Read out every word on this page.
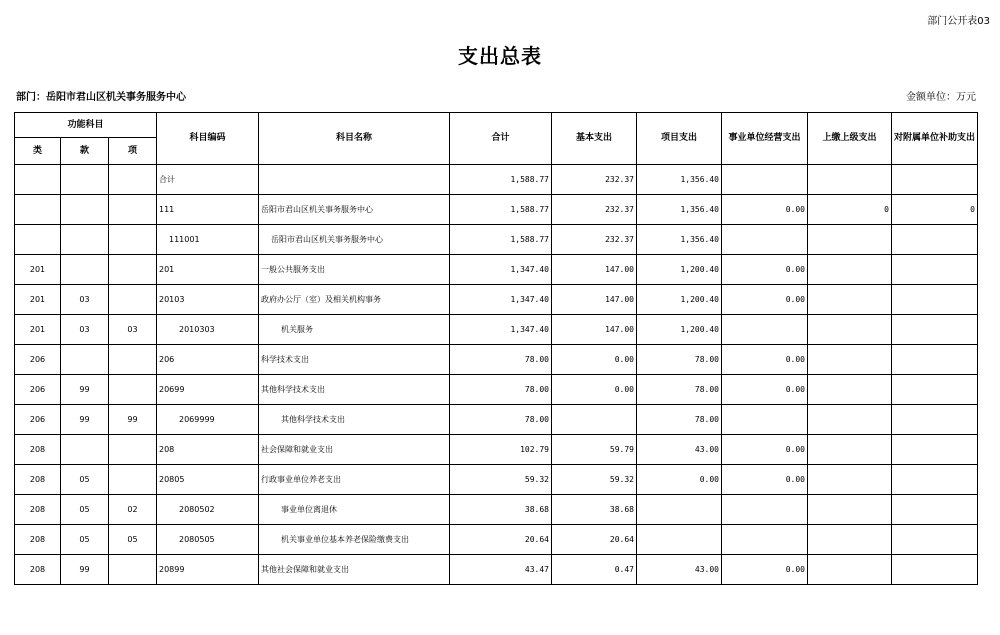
部门公开表03
支出总表
部门：岳阳市君山区机关事务服务中心	金额单位：万元
功能科目			科目编码	科目名称	合计	基本支出	项目支出	事业单位经营支出	上缴上级支出	对附属单位补助支出
类	款	项								
			合计		1,588.77	232.37	1,356.40			
			111	岳阳市君山区机关事务服务中心	1,588.77	232.37	1,356.40	0.00	0	0
			111001	岳阳市君山区机关事务服务中心	1,588.77	232.37	1,356.40			
201			201	一般公共服务支出	1,347.40	147.00	1,200.40	0.00		
201	03		20103	政府办公厅（室）及相关机构事务	1,347.40	147.00	1,200.40	0.00		
201	03	03	2010303	机关服务	1,347.40	147.00	1,200.40			
206			206	科学技术支出	78.00	0.00	78.00	0.00		
206	99		20699	其他科学技术支出	78.00	0.00	78.00	0.00		
206	99	99	2069999	其他科学技术支出	78.00		78.00			
208			208	社会保障和就业支出	102.79	59.79	43.00	0.00		
208	05		20805	行政事业单位养老支出	59.32	59.32	0.00	0.00		
208	05	02	2080502	事业单位离退休	38.68	38.68				
208	05	05	2080505	机关事业单位基本养老保险缴费支出	20.64	20.64				
208	99		20899	其他社会保障和就业支出	43.47	0.47	43.00	0.00		
